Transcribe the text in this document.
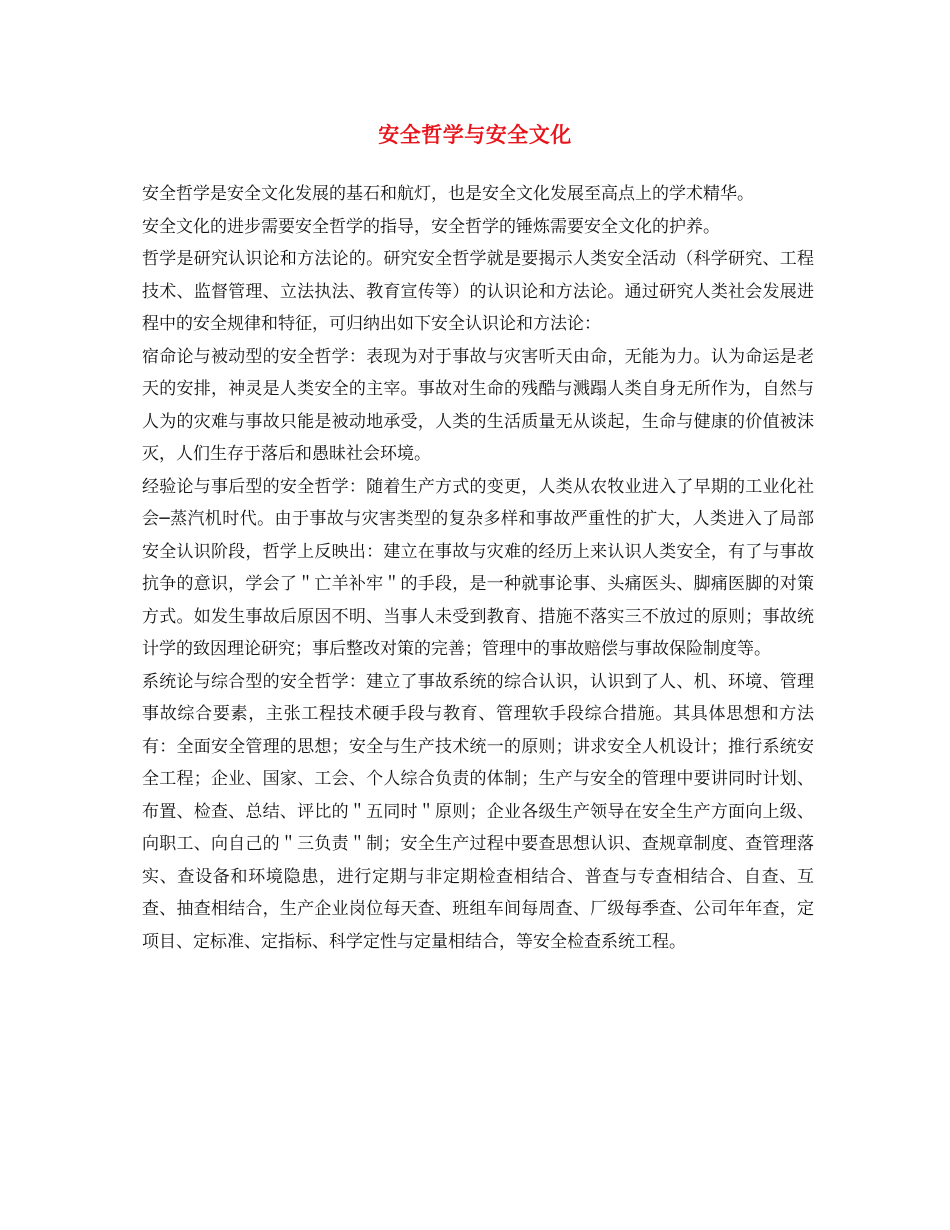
安全哲学与安全文化

安全哲学是安全文化发展的基石和航灯，也是安全文化发展至高点上的学术精华。

安全文化的进步需要安全哲学的指导，安全哲学的锤炼需要安全文化的护养。

哲学是研究认识论和方法论的。研究安全哲学就是要揭示人类安全活动（科学研究、工程技术、监督管理、立法执法、教育宣传等）的认识论和方法论。通过研究人类社会发展进程中的安全规律和特征，可归纳出如下安全认识论和方法论：

宿命论与被动型的安全哲学：表现为对于事故与灾害听天由命，无能为力。认为命运是老天的安排，神灵是人类安全的主宰。事故对生命的残酷与溅蹋人类自身无所作为，自然与人为的灾难与事故只能是被动地承受，人类的生活质量无从谈起，生命与健康的价值被沫灭，人们生存于落后和愚昧社会环境。

经验论与事后型的安全哲学：随着生产方式的变更，人类从农牧业进入了早期的工业化社会─蒸汽机时代。由于事故与灾害类型的复杂多样和事故严重性的扩大，人类进入了局部安全认识阶段，哲学上反映出：建立在事故与灾难的经历上来认识人类安全，有了与事故抗争的意识，学会了＂亡羊补牢＂的手段，是一种就事论事、头痛医头、脚痛医脚的对策方式。如发生事故后原因不明、当事人未受到教育、措施不落实三不放过的原则；事故统计学的致因理论研究；事后整改对策的完善；管理中的事故赔偿与事故保险制度等。

系统论与综合型的安全哲学：建立了事故系统的综合认识，认识到了人、机、环境、管理事故综合要素，主张工程技术硬手段与教育、管理软手段综合措施。其具体思想和方法有：全面安全管理的思想；安全与生产技术统一的原则；讲求安全人机设计；推行系统安全工程；企业、国家、工会、个人综合负责的体制；生产与安全的管理中要讲同时计划、布置、检查、总结、评比的＂五同时＂原则；企业各级生产领导在安全生产方面向上级、向职工、向自己的＂三负责＂制；安全生产过程中要查思想认识、查规章制度、查管理落实、查设备和环境隐患，进行定期与非定期检查相结合、普查与专查相结合、自查、互查、抽查相结合，生产企业岗位每天查、班组车间每周查、厂级每季查、公司年年查，定项目、定标准、定指标、科学定性与定量相结合，等安全检查系统工程。
